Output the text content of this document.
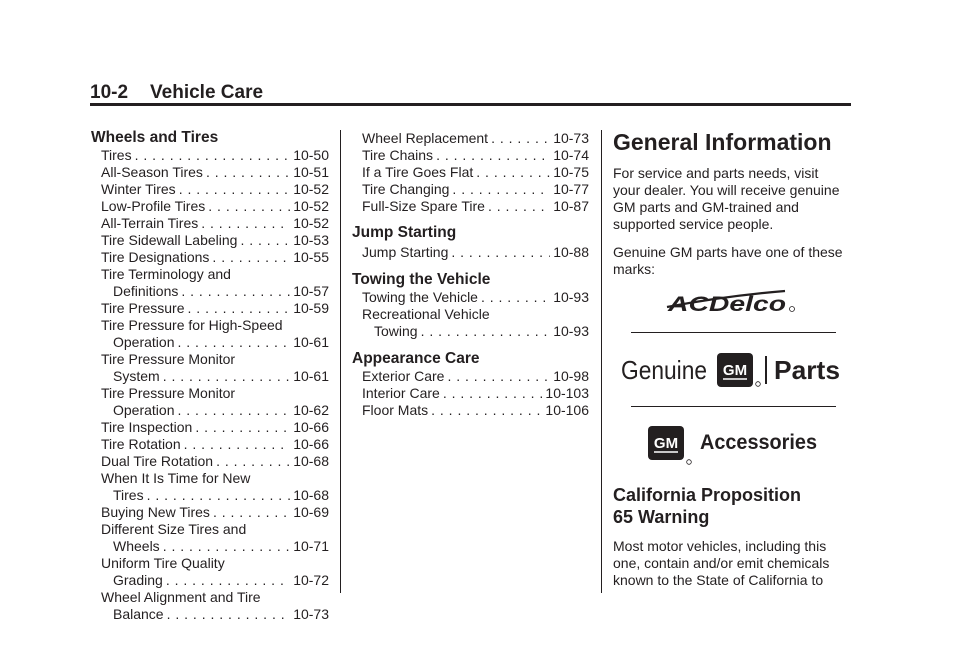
10-2 Vehicle Care
Wheels and Tires
Tires . . .	10-50
All-Season Tires . . .	10-51
Winter Tires . . .	10-52
Low-Profile Tires . . .	10-52
All-Terrain Tires . . .	10-52
Tire Sidewall Labeling . . .	10-53
Tire Designations . . .	10-55
Tire Terminology and
Definitions . . .	10-57
Tire Pressure . . .	10-59
Tire Pressure for High-Speed
Operation . . .	10-61
Tire Pressure Monitor
System . . .	10-61
Tire Pressure Monitor
Operation . . .	10-62
Tire Inspection . . .	10-66
Tire Rotation . . .	10-66
Dual Tire Rotation . . .	10-68
When It Is Time for New
Tires . . .	10-68
Buying New Tires . . .	10-69
Different Size Tires and
Wheels . . .	10-71
Uniform Tire Quality
Grading . . .	10-72
Wheel Alignment and Tire
Balance . . .	10-73
Wheel Replacement . . .	10-73
Tire Chains . . .	10-74
If a Tire Goes Flat . . .	10-75
Tire Changing . . .	10-77
Full-Size Spare Tire . . .	10-87
Jump Starting
Jump Starting . . .	10-88
Towing the Vehicle
Towing the Vehicle . . .	10-93
Recreational Vehicle
Towing . . .	10-93
Appearance Care
Exterior Care . . .	10-98
Interior Care . . .	10-103
Floor Mats . . .	10-106
General Information
For service and parts needs, visit your dealer. You will receive genuine GM parts and GM-trained and supported service people.
Genuine GM parts have one of these marks:
ACDelco
Genuine GM Parts
GM Accessories
California Proposition
65 Warning
Most motor vehicles, including this one, contain and/or emit chemicals known to the State of California to
